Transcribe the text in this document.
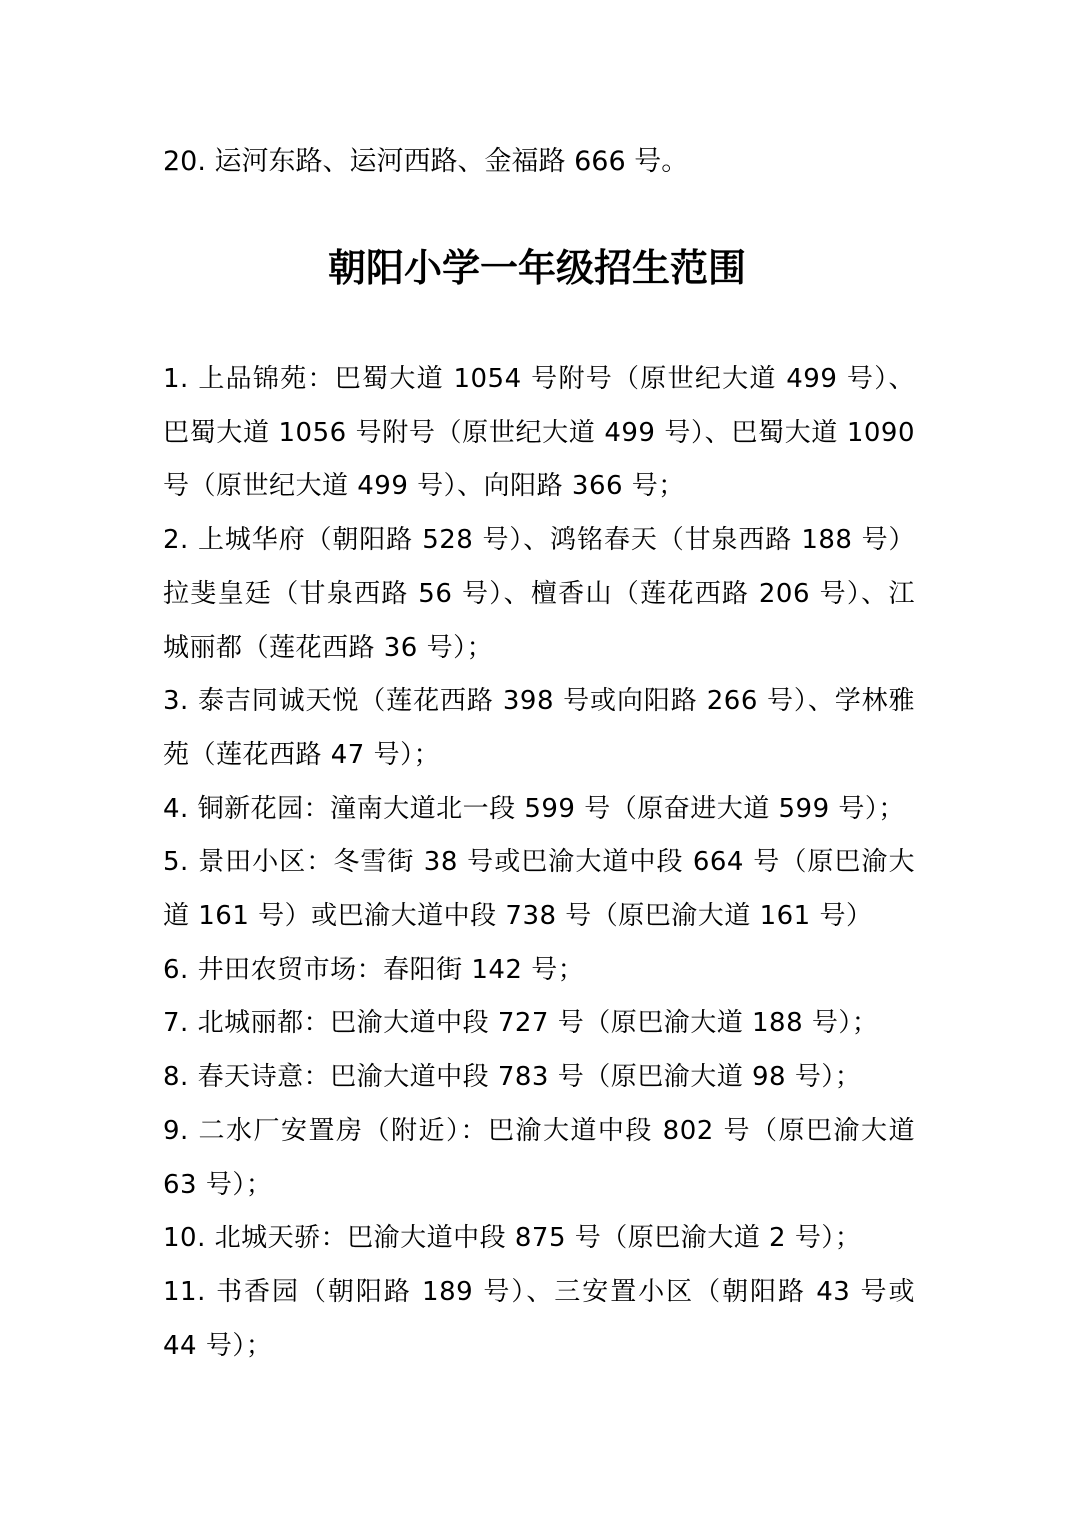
20. 运河东路、运河西路、金福路 666 号。
朝阳小学一年级招生范围
1. 上品锦苑：巴蜀大道 1054 号附号（原世纪大道 499 号）、巴蜀大道 1056 号附号（原世纪大道 499 号）、巴蜀大道 1090 号（原世纪大道 499 号）、向阳路 366 号；
2. 上城华府（朝阳路 528 号）、鸿铭春天（甘泉西路 188 号）拉斐皇廷（甘泉西路 56 号）、檀香山（莲花西路 206 号）、江城丽都（莲花西路 36 号）；
3. 泰吉同诚天悦（莲花西路 398 号或向阳路 266 号）、学林雅苑（莲花西路 47 号）；
4. 铜新花园：潼南大道北一段 599 号（原奋进大道 599 号）；
5. 景田小区：冬雪街 38 号或巴渝大道中段 664 号（原巴渝大道 161 号）或巴渝大道中段 738 号（原巴渝大道 161 号）
6. 井田农贸市场：春阳街 142 号；
7. 北城丽都：巴渝大道中段 727 号（原巴渝大道 188 号）；
8. 春天诗意：巴渝大道中段 783 号（原巴渝大道 98 号）；
9. 二水厂安置房（附近）：巴渝大道中段 802 号（原巴渝大道 63 号）；
10. 北城天骄：巴渝大道中段 875 号（原巴渝大道 2 号）；
11. 书香园（朝阳路 189 号）、三安置小区（朝阳路 43 号或 44 号）；
